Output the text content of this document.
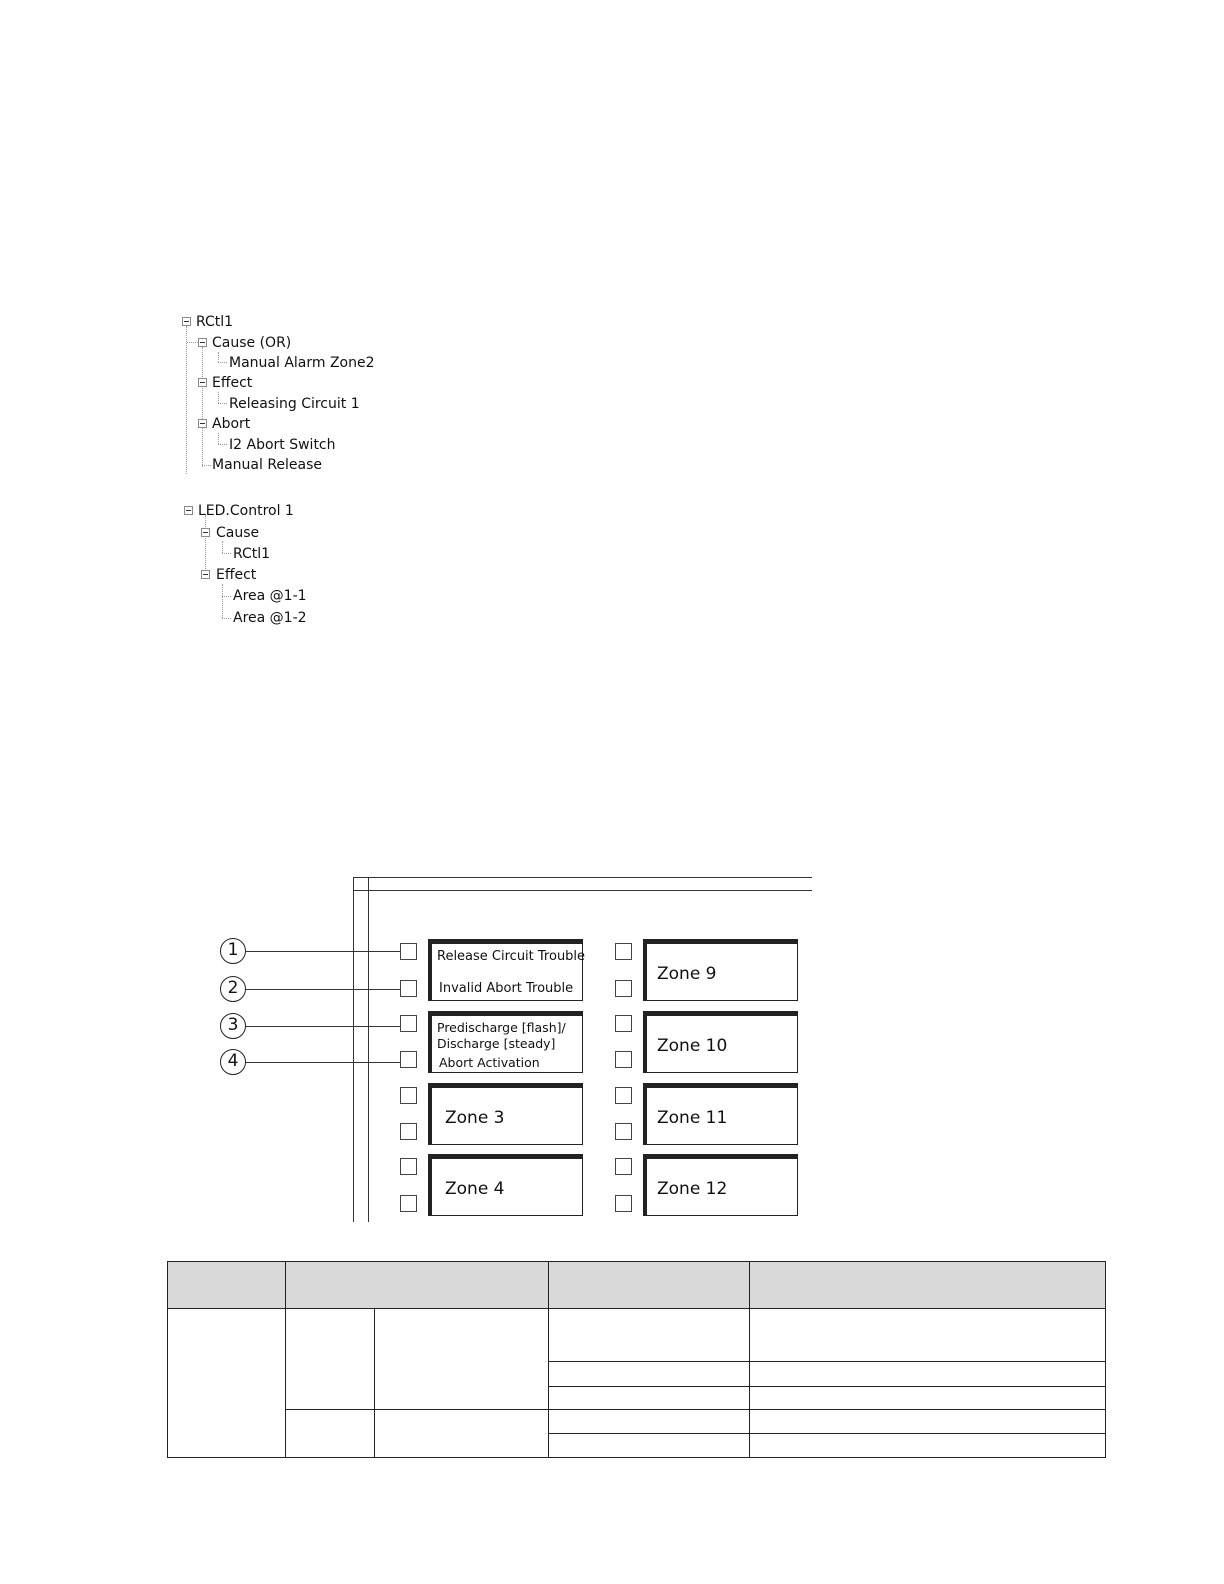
RCtl1
Cause (OR)
Manual Alarm Zone2
Effect
Releasing Circuit 1
Abort
I2 Abort Switch
Manual Release
LED.Control 1
Cause
RCtl1
Effect
Area @1-1
Area @1-2
1
2
3
4
Release Circuit Trouble
Invalid Abort Trouble
Predischarge [flash]/
Discharge [steady]
Abort Activation
Zone 3
Zone 4
Zone 9
Zone 10
Zone 11
Zone 12
